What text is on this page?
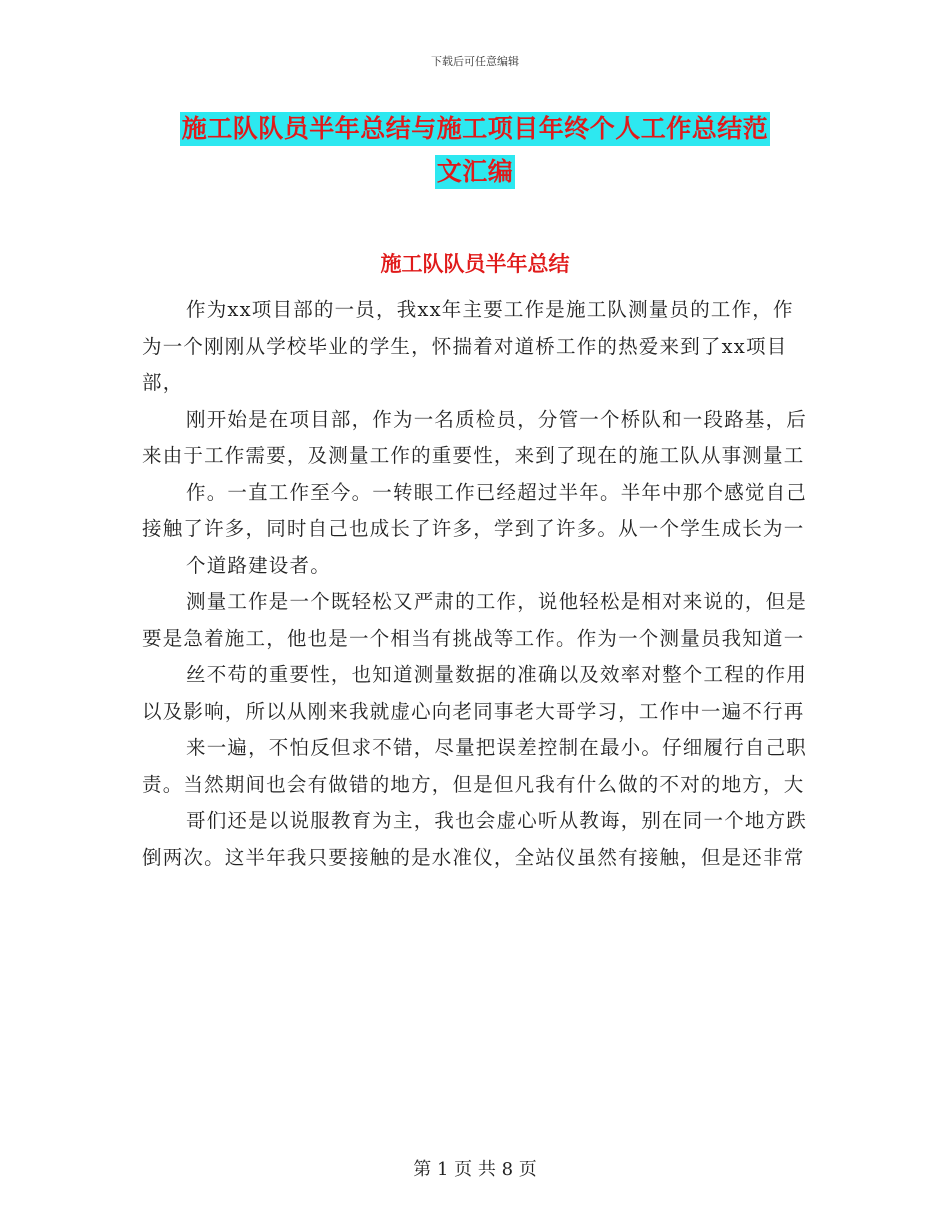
下载后可任意编辑
施工队队员半年总结与施工项目年终个人工作总结范
文汇编
施工队队员半年总结

作为xx项目部的一员，我xx年主要工作是施工队测量员的工作，作为一个刚刚从学校毕业的学生，怀揣着对道桥工作的热爱来到了xx项目部，

刚开始是在项目部，作为一名质检员，分管一个桥队和一段路基，后来由于工作需要，及测量工作的重要性，来到了现在的施工队从事测量工

作。一直工作至今。一转眼工作已经超过半年。半年中那个感觉自己接触了许多，同时自己也成长了许多，学到了许多。从一个学生成长为一

个道路建设者。

测量工作是一个既轻松又严肃的工作，说他轻松是相对来说的，但是要是急着施工，他也是一个相当有挑战等工作。作为一个测量员我知道一

丝不苟的重要性，也知道测量数据的准确以及效率对整个工程的作用以及影响，所以从刚来我就虚心向老同事老大哥学习，工作中一遍不行再

来一遍，不怕反但求不错，尽量把误差控制在最小。仔细履行自己职责。当然期间也会有做错的地方，但是但凡我有什么做的不对的地方，大

哥们还是以说服教育为主，我也会虚心听从教诲，别在同一个地方跌倒两次。这半年我只要接触的是水准仪，全站仪虽然有接触，但是还非常

第 1 页 共 8 页
